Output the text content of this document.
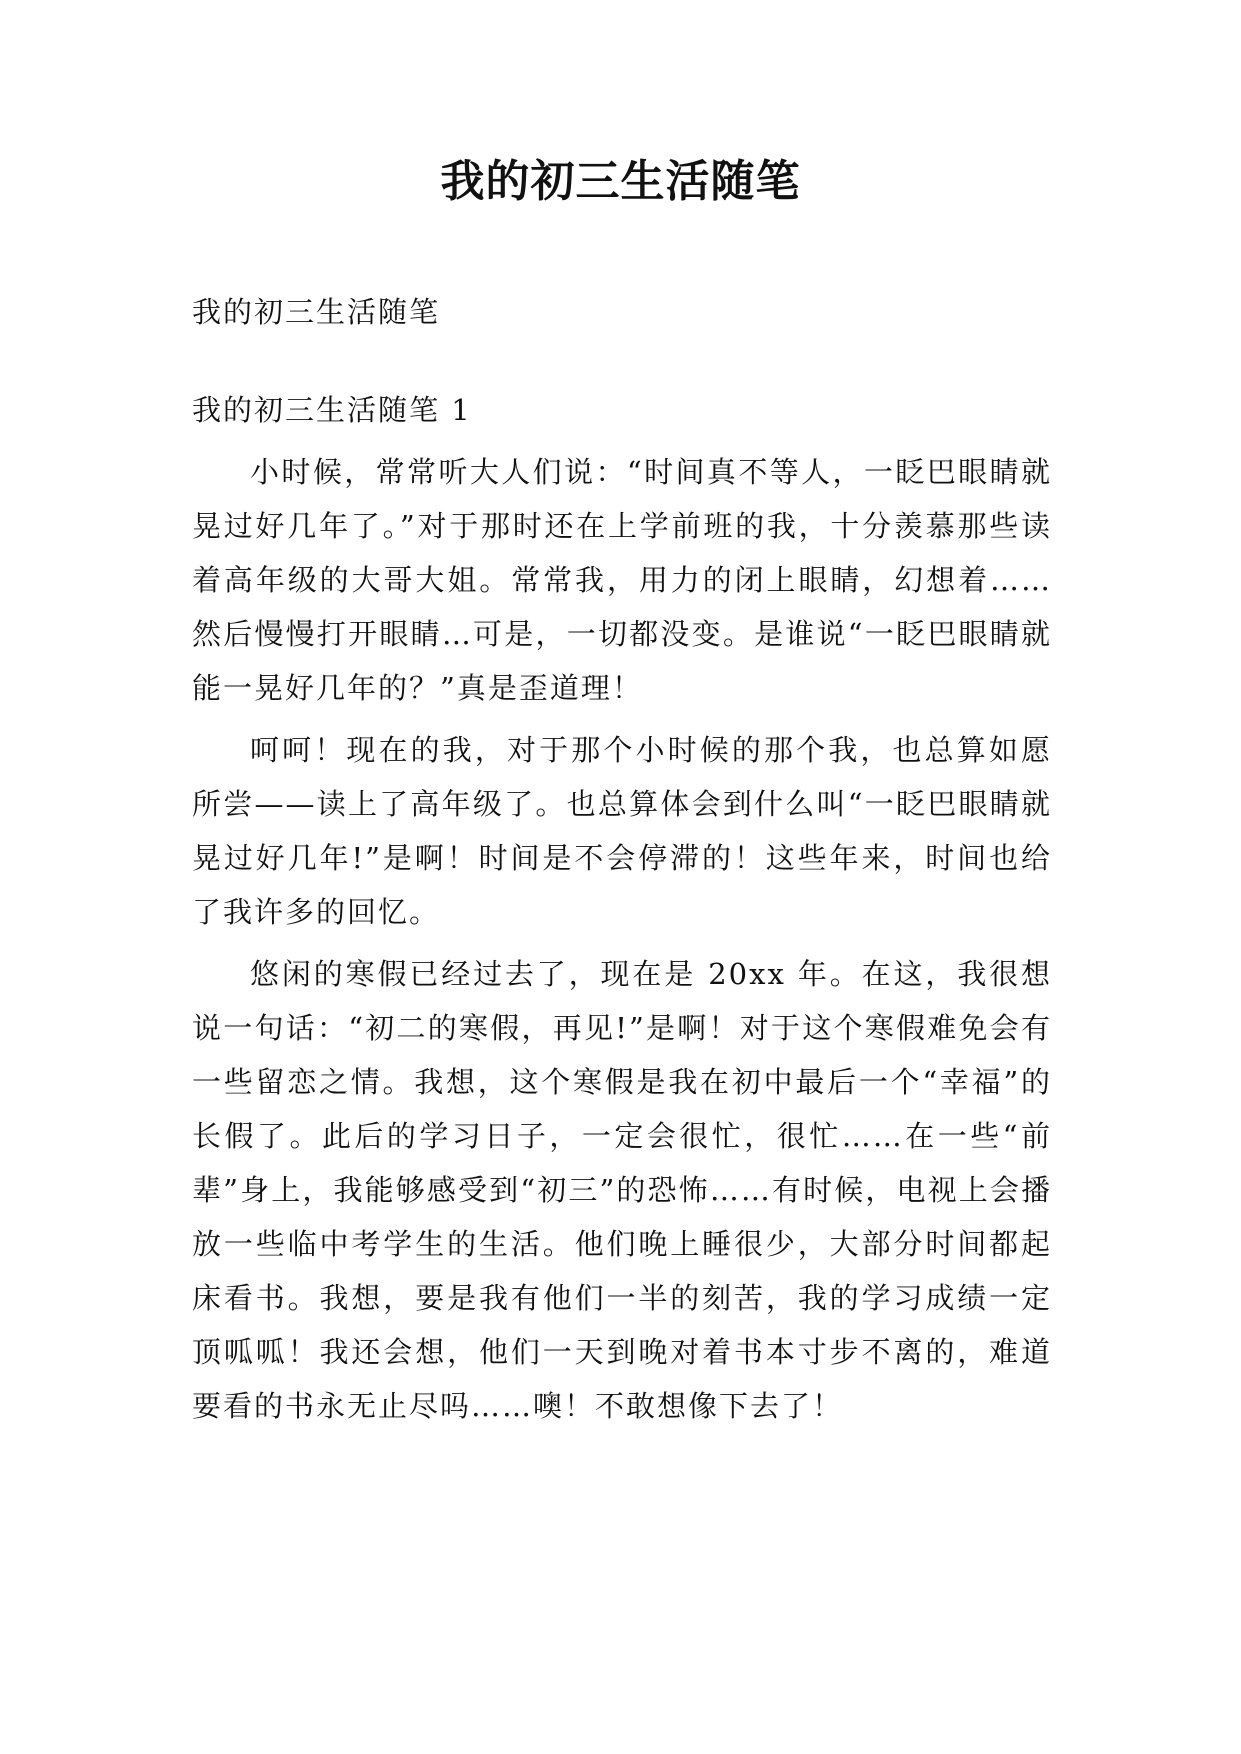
我的初三生活随笔
我的初三生活随笔
我的初三生活随笔 1

小时候，常常听大人们说：“时间真不等人，一眨巴眼睛就晃过好几年了。”对于那时还在上学前班的我，十分羡慕那些读着高年级的大哥大姐。常常我，用力的闭上眼睛，幻想着……然后慢慢打开眼睛…可是，一切都没变。是谁说“一眨巴眼睛就能一晃好几年的？”真是歪道理！

呵呵！现在的我，对于那个小时候的那个我，也总算如愿所尝——读上了高年级了。也总算体会到什么叫“一眨巴眼睛就晃过好几年!”是啊！时间是不会停滞的！这些年来，时间也给了我许多的回忆。

悠闲的寒假已经过去了，现在是 20xx 年。在这，我很想说一句话：“初二的寒假，再见!”是啊！对于这个寒假难免会有一些留恋之情。我想，这个寒假是我在初中最后一个“幸福”的长假了。此后的学习日子，一定会很忙，很忙……在一些“前辈”身上，我能够感受到“初三”的恐怖……有时候，电视上会播放一些临中考学生的生活。他们晚上睡很少，大部分时间都起床看书。我想，要是我有他们一半的刻苦，我的学习成绩一定顶呱呱！我还会想，他们一天到晚对着书本寸步不离的，难道要看的书永无止尽吗……噢！不敢想像下去了！
